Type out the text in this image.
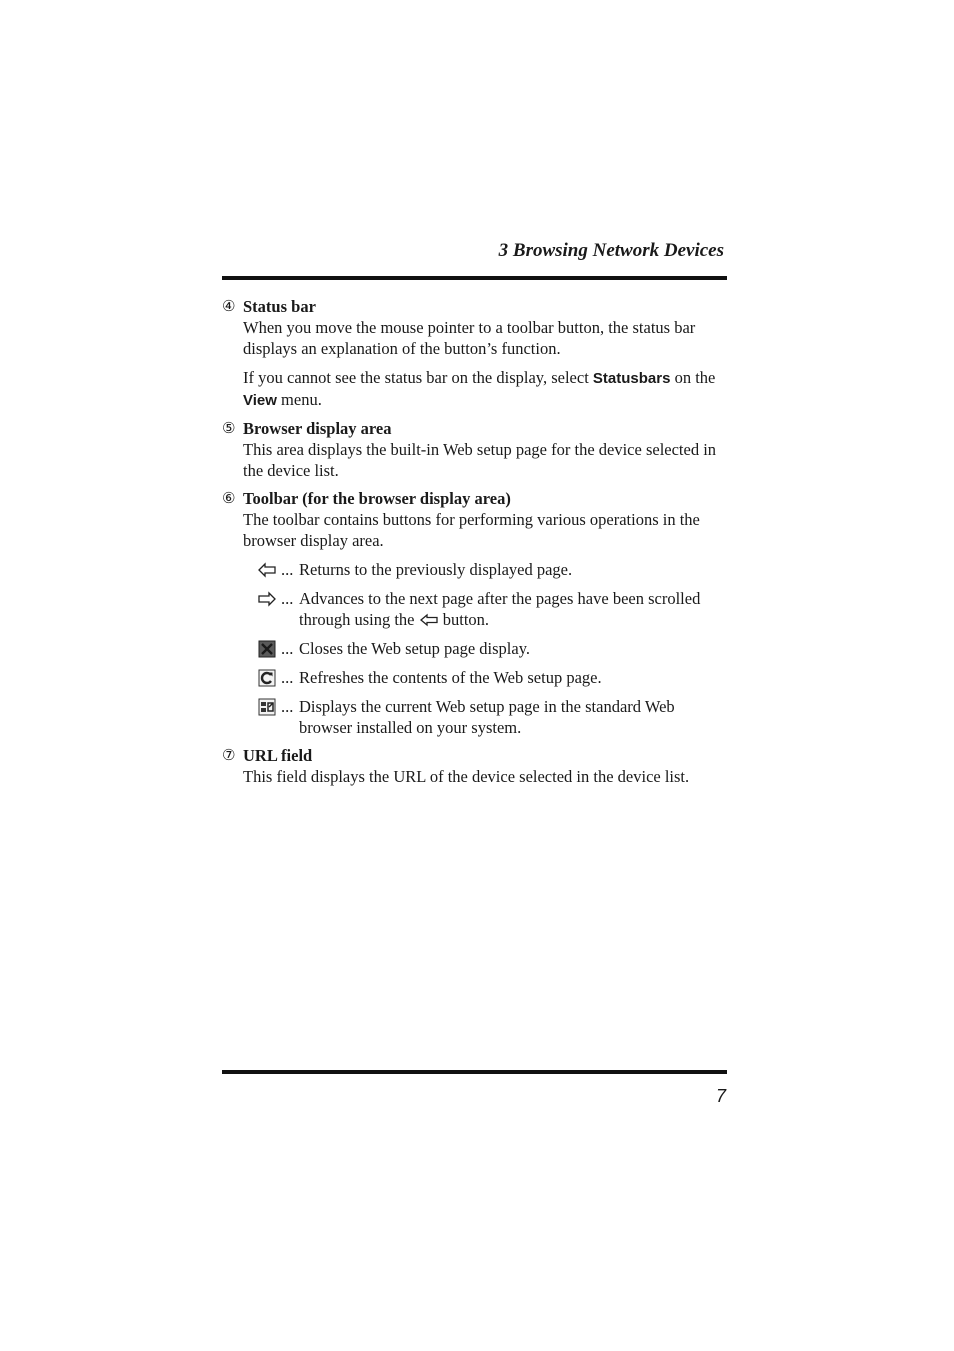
3 Browsing Network Devices
④ Status bar

When you move the mouse pointer to a toolbar button, the status bar displays an explanation of the button’s function.

If you cannot see the status bar on the display, select Statusbars on the View menu.

⑤ Browser display area

This area displays the built-in Web setup page for the device selected in the device list.

⑥ Toolbar (for the browser display area)

The toolbar contains buttons for performing various operations in the browser display area.

... Returns to the previously displayed page.
... Advances to the next page after the pages have been scrolled through using the  button.
... Closes the Web setup page display.
... Refreshes the contents of the Web setup page.
... Displays the current Web setup page in the standard Web browser installed on your system.
⑦ URL field

This field displays the URL of the device selected in the device list.

7
